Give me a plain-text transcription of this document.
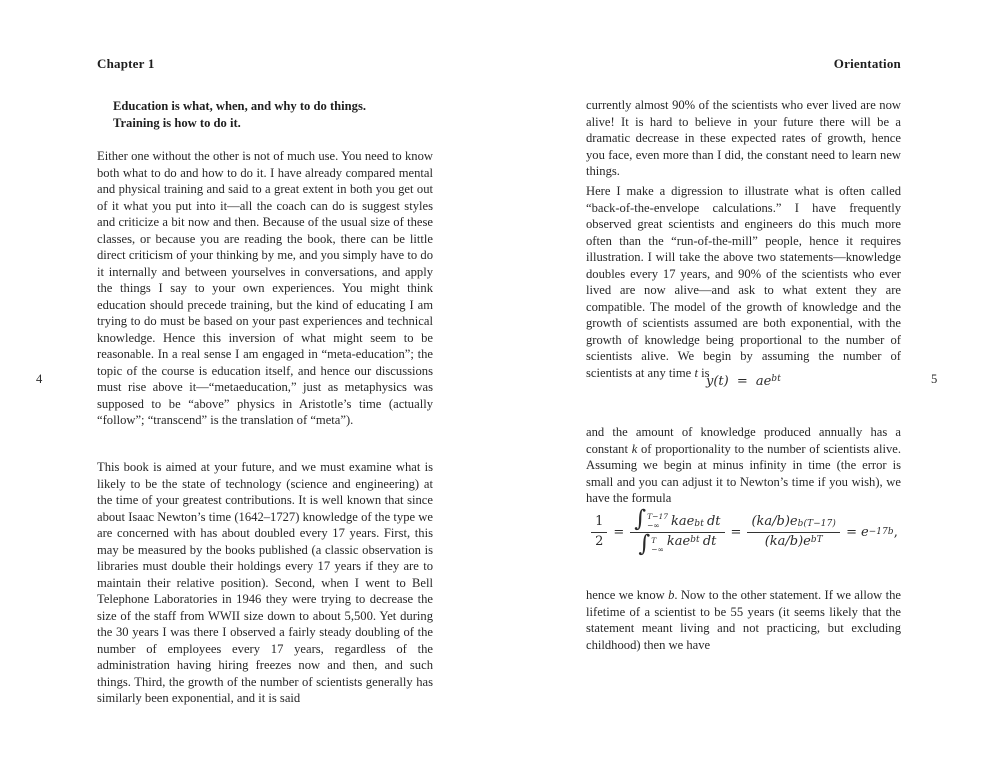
Chapter 1
4

Education is what, when, and why to do things.

Training is how to do it.

Either one without the other is not of much use. You need to know both what to do and how to do it. I have already compared mental and physical training and said to a great extent in both you get out of it what you put into it—all the coach can do is suggest styles and criticize a bit now and then. Because of the usual size of these classes, or because you are reading the book, there can be little direct criticism of your thinking by me, and you simply have to do it internally and between yourselves in conversations, and apply the things I say to your own experiences. You might think education should precede training, but the kind of educating I am trying to do must be based on your past experiences and technical knowledge. Hence this inversion of what might seem to be reasonable. In a real sense I am engaged in “meta-education”; the topic of the course is education itself, and hence our discussions must rise above it—“metaeducation,” just as metaphysics was supposed to be “above” physics in Aristotle’s time (actually “follow”; “transcend” is the translation of “meta”).

This book is aimed at your future, and we must examine what is likely to be the state of technology (science and engineering) at the time of your greatest contributions. It is well known that since about Isaac Newton’s time (1642–1727) knowledge of the type we are concerned with has about doubled every 17 years. First, this may be measured by the books published (a classic observation is libraries must double their holdings every 17 years if they are to maintain their relative position). Second, when I went to Bell Telephone Laboratories in 1946 they were trying to decrease the size of the staff from WWII size down to about 5,500. Yet during the 30 years I was there I observed a fairly steady doubling of the number of employees every 17 years, regardless of the administration having hiring freezes now and then, and such things. Third, the growth of the number of scientists generally has similarly been exponential, and it is said

Orientation
5

currently almost 90% of the scientists who ever lived are now alive! It is hard to believe in your future there will be a dramatic decrease in these expected rates of growth, hence you face, even more than I did, the constant need to learn new things.

Here I make a digression to illustrate what is often called “back-of-the-envelope calculations.” I have frequently observed great scientists and engineers do this much more often than the “run-of-the-mill” people, hence it requires illustration. I will take the above two statements—knowledge doubles every 17 years, and 90% of the scientists who ever lived are now alive—and ask to what extent they are compatible. The model of the growth of knowledge and the growth of scientists assumed are both exponential, with the growth of knowledge being proportional to the number of scientists alive. We begin by assuming the number of scientists at any time t is

$y(t) = ae^{bt}$

and the amount of knowledge produced annually has a constant k of proportionality to the number of scientists alive. Assuming we begin at minus infinity in time (the error is small and you can adjust it to Newton’s time if you wish), we have the formula

$\frac{1}{2}$ = ∫ T−17
−∞ kae bt dt
∫ T
−∞
kae bt dt = $\frac{\text{(ka/b)e b(T−17)}}{\text{(ka/b)e bT}} = e -17b$ ,

hence we know b. Now to the other statement. If we allow the lifetime of a scientist to be 55 years (it seems likely that the statement meant living and not practicing, but excluding childhood) then we have
